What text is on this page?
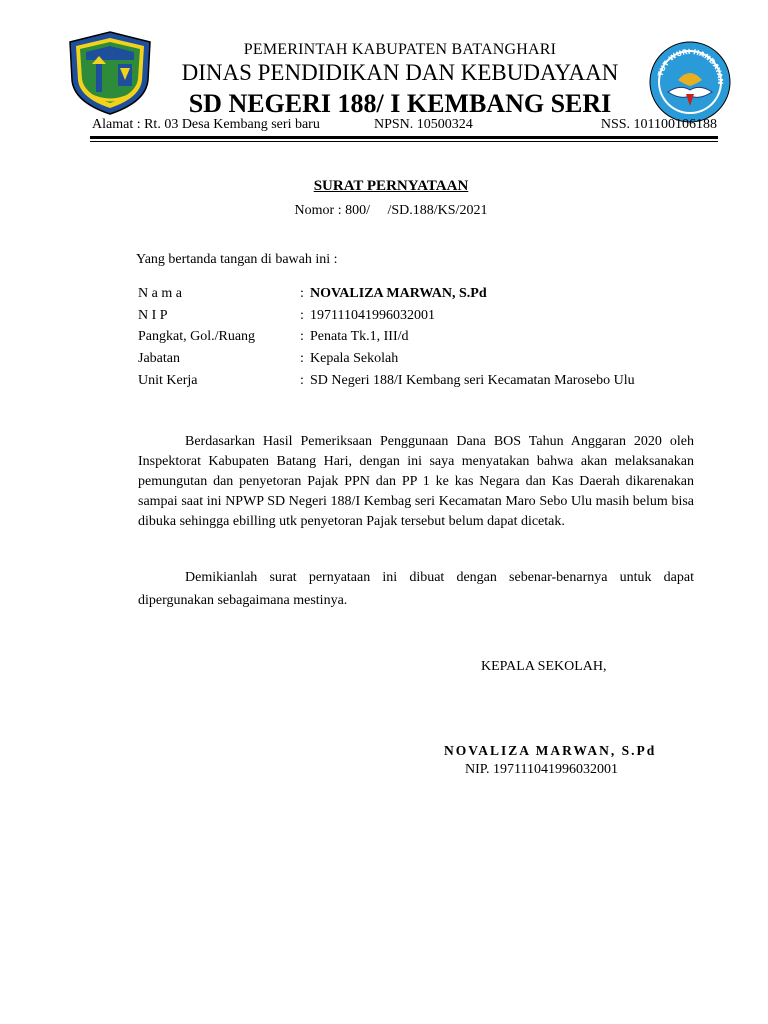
PEMERINTAH KABUPATEN BATANGHARI
DINAS PENDIDIKAN DAN KEBUDAYAAN
SD NEGERI 188/ I KEMBANG SERI
TUT WURI HANDAYAN
Alamat : Rt. 03 Desa Kembang seri baru	NPSN. 10500324	NSS. 101100106188
SURAT PERNYATAAN
Nomor : 800/     /SD.188/KS/2021
Yang bertanda tangan di bawah ini :
N a m a	: NOVALIZA MARWAN, S.Pd
N I P	: 197111041996032001
Pangkat, Gol./Ruang	: Penata Tk.1, III/d
Jabatan	: Kepala Sekolah
Unit Kerja	: SD Negeri 188/I Kembang seri Kecamatan Marosebo Ulu

Berdasarkan Hasil Pemeriksaan Penggunaan Dana BOS Tahun Anggaran 2020 oleh Inspektorat Kabupaten Batang Hari, dengan ini saya menyatakan bahwa akan melaksanakan pemungutan dan penyetoran Pajak PPN dan PP 1 ke kas Negara dan Kas Daerah dikarenakan sampai saat ini NPWP SD Negeri 188/I Kembag seri Kecamatan Maro Sebo Ulu masih belum bisa dibuka sehingga ebilling utk penyetoran Pajak tersebut belum dapat dicetak.

Demikianlah surat pernyataan ini dibuat dengan sebenar-benarnya untuk dapat dipergunakan sebagaimana mestinya.

KEPALA SEKOLAH,
NOVALIZA MARWAN, S.Pd
NIP. 197111041996032001
